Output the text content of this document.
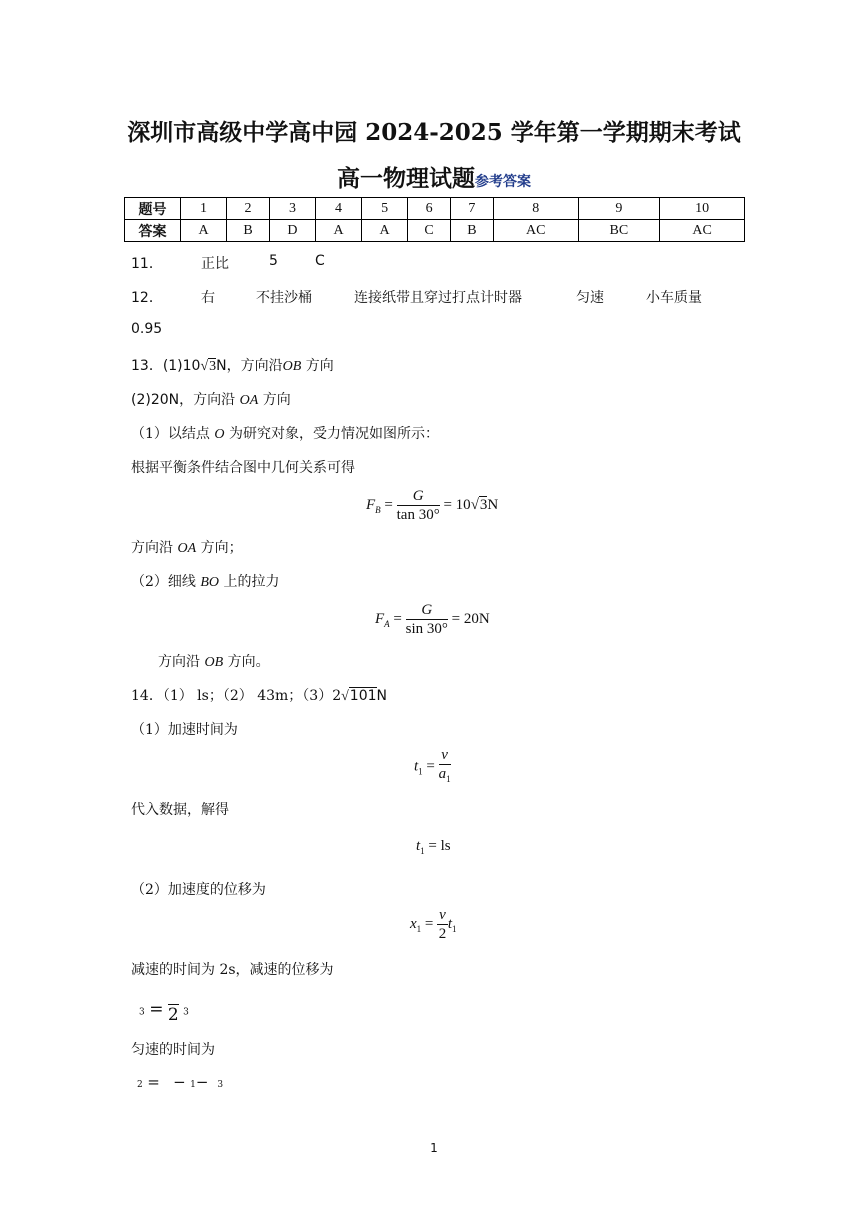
深圳市高级中学高中园 2024-2025 学年第一学期期末考试
高一物理试题参考答案
题号	1	2	3	4	5	6	7	8	9	10
答案	A	B	D	A	A	C	B	AC	BC	AC
11．	正比	5	C
12．	右	不挂沙桶	连接纸带且穿过打点计时器	匀速	小车质量
0.95
13．(1)10√3N，方向沿OB 方向
(2)20N，方向沿 OA 方向
（1）以结点 O 为研究对象，受力情况如图所示：
根据平衡条件结合图中几何关系可得
$F_B = \frac{G}{\tan 30^\circ} = 10√3N$
方向沿 OA 方向；
（2）细线 BO 上的拉力
$F_A = \frac{G}{\sin 30^\circ} = 20N$
方向沿 OB 方向。
14．（1） ls；（2） 43m；（3）2√101N
（1）加速时间为
$t_1 = \frac{v}{a_1}$
代入数据，解得
$t_1$ = ls
（2）加速度的位移为
$x_1 = \frac{v}{2} t_1$
减速的时间为 2s，减速的位移为
3 =
2 3
匀速的时间为
2 = − 1− 3
1
